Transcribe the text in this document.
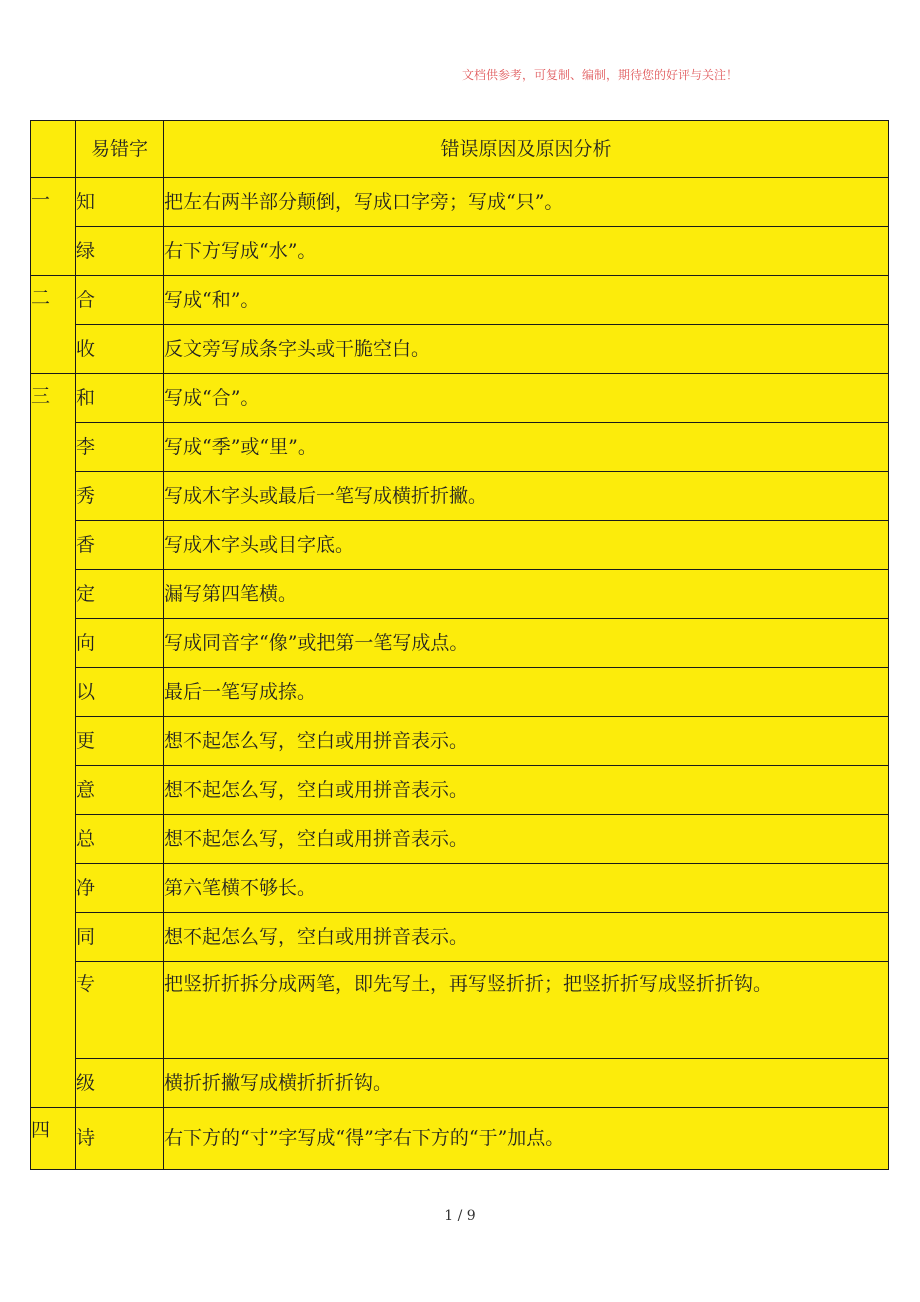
文档供参考，可复制、编制，期待您的好评与关注！
	易错字	错误原因及原因分析
一	知	把左右两半部分颠倒，写成口字旁；写成“只”。
	绿	右下方写成“水”。
二	合	写成“和”。
	收	反文旁写成条字头或干脆空白。
三	和	写成“合”。
	李	写成“季”或“里”。
	秀	写成木字头或最后一笔写成横折折撇。
	香	写成木字头或目字底。
	定	漏写第四笔横。
	向	写成同音字“像”或把第一笔写成点。
	以	最后一笔写成捺。
	更	想不起怎么写，空白或用拼音表示。
	意	想不起怎么写，空白或用拼音表示。
	总	想不起怎么写，空白或用拼音表示。
	净	第六笔横不够长。
	同	想不起怎么写，空白或用拼音表示。

	专	把竖折折拆分成两笔，即先写土，再写竖折折；把竖折折写成竖折折钩。

	级	横折折撇写成横折折折钩。
四	诗	右下方的“寸”字写成“得”字右下方的“于”加点。
1 / 9
